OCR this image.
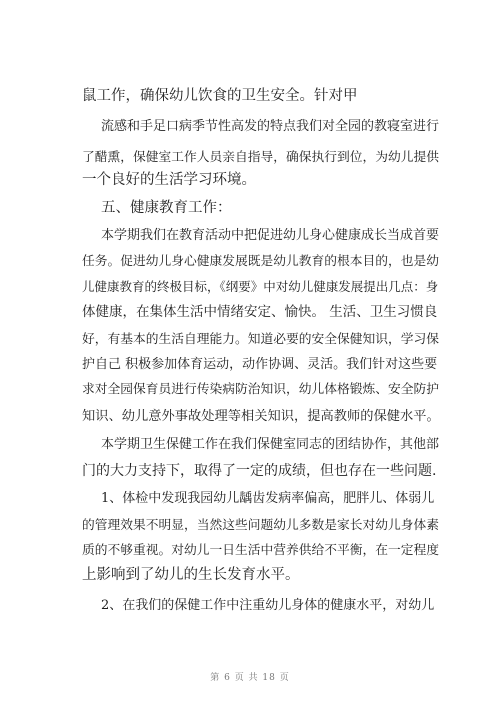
鼠工作，确保幼儿饮食的卫生安全。针对甲
流感和手足口病季节性高发的特点我们对全园的教寝室进行
了醋熏，保健室工作人员亲自指导，确保执行到位，为幼儿提供
一个良好的生活学习环境。
五、健康教育工作：
本学期我们在教育活动中把促进幼儿身心健康成长当成首要
任务。促进幼儿身心健康发展既是幼儿教育的根本目的，也是幼
儿健康教育的终极目标，《纲要》中对幼儿健康发展提出几点：身
体健康，在集体生活中情绪安定、愉快。 生活、卫生习惯良
好，有基本的生活自理能力。知道必要的安全保健知识，学习保
护自己 积极参加体育运动，动作协调、灵活。我们针对这些要
求对全园保育员进行传染病防治知识，幼儿体格锻炼、安全防护
知识、幼儿意外事故处理等相关知识，提高教师的保健水平。
本学期卫生保健工作在我们保健室同志的团结协作，其他部
门的大力支持下，取得了一定的成绩，但也存在一些问题.
1、体检中发现我园幼儿龋齿发病率偏高，肥胖儿、体弱儿
的管理效果不明显，当然这些问题幼儿多数是家长对幼儿身体素
质的不够重视。对幼儿一日生活中营养供给不平衡，在一定程度
上影响到了幼儿的生长发育水平。
2、在我们的保健工作中注重幼儿身体的健康水平，对幼儿
第 6 页 共 18 页
